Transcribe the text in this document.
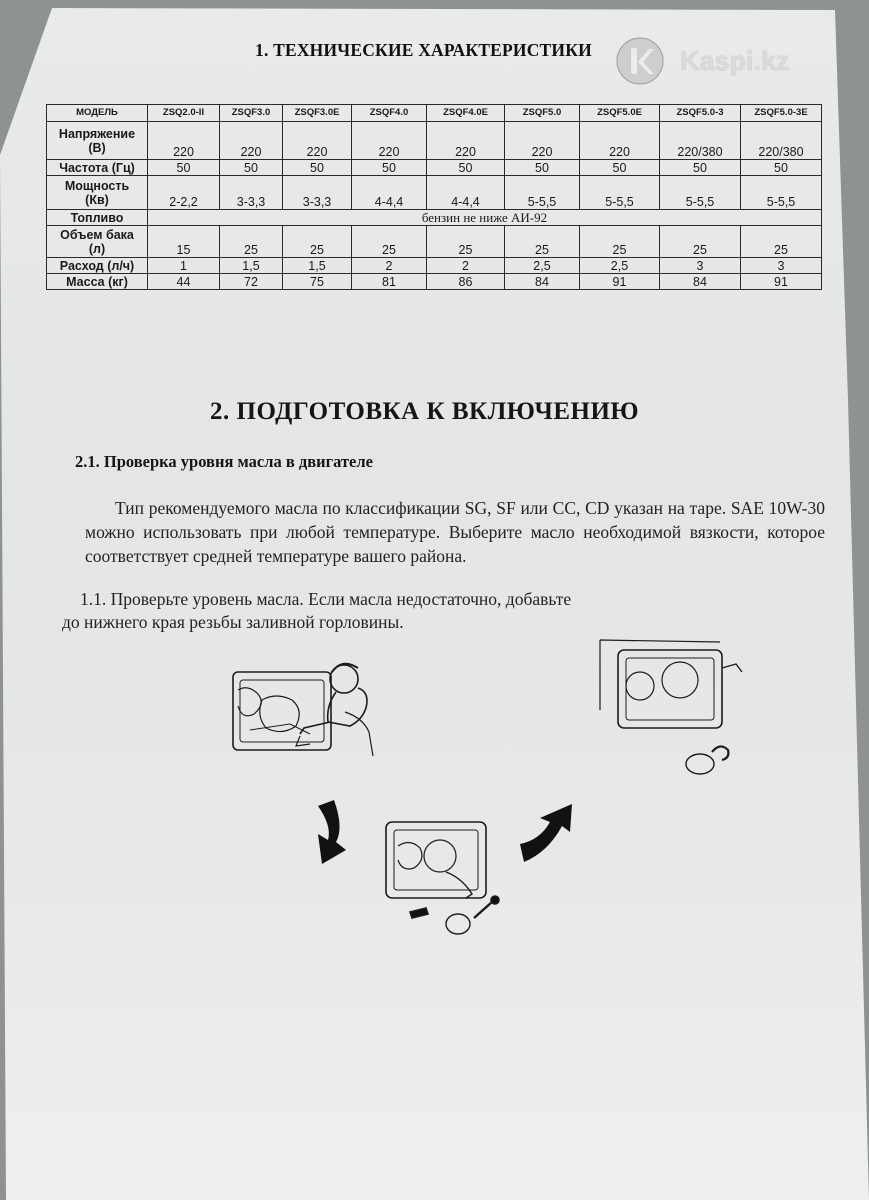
1. ТЕХНИЧЕСКИЕ ХАРАКТЕРИСТИКИ	Kaspi.kz
МОДЕЛЬ	ZSQ2.0-II	ZSQF3.0	ZSQF3.0E	ZSQF4.0	ZSQF4.0E	ZSQF5.0	ZSQF5.0E	ZSQF5.0-3	ZSQF5.0-3E

Напряжение
(В)	220	220	220	220	220	220	220	220/380	220/380

Частота (Гц)	50	50	50	50	50	50	50	50	50

Мощность
(Кв)	2-2,2	3-3,3	3-3,3	4-4,4	4-4,4	5-5,5	5-5,5	5-5,5	5-5,5

Топливо	бензин не ниже АИ-92								

Объем бака
(л)	15	25	25	25	25	25	25	25	25

Расход (л/ч)	1	1,5	1,5	2	2	2,5	2,5	3	3

Масса (кг)	44	72	75	81	86	84	91	84	91
2. ПОДГОТОВКА К ВКЛЮЧЕНИЮ
2.1. Проверка уровня масла в двигателе
Тип рекомендуемого масла по классификации SG, SF или CC, CD указан на таре. SAE 10W-30 можно использовать при любой температуре. Выберите масло необходимой вязкости, которое соответствует средней температуре вашего района.
1.1. Проверьте уровень масла. Если масла недостаточно, добавьте
до нижнего края резьбы заливной горловины.
